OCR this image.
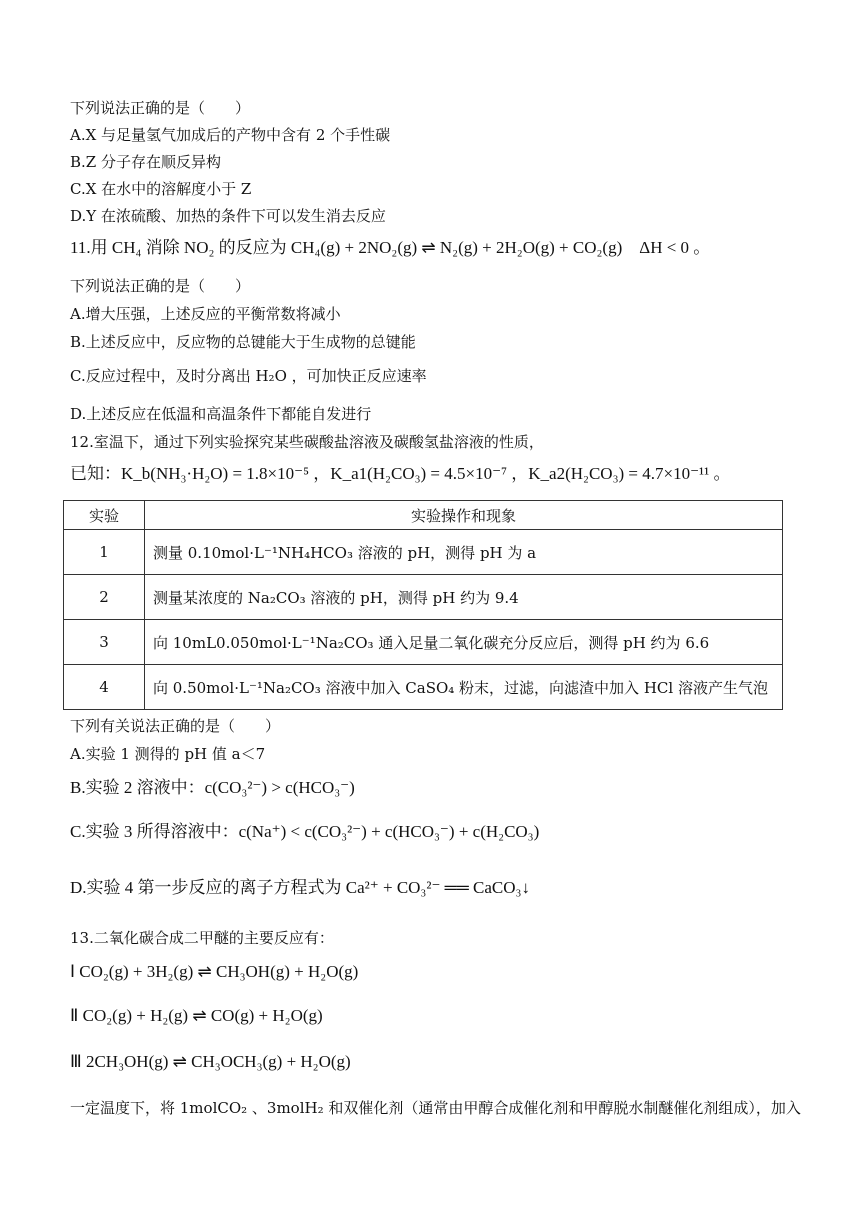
下列说法正确的是（　　）
A.X 与足量氢气加成后的产物中含有 2 个手性碳
B.Z 分子存在顺反异构
C.X 在水中的溶解度小于 Z
D.Y 在浓硫酸、加热的条件下可以发生消去反应
11.用 CH₄ 消除 NO₂ 的反应为 CH₄(g) + 2NO₂(g) ⇌ N₂(g) + 2H₂O(g) + CO₂(g)　ΔH < 0 。
下列说法正确的是（　　）
A.增大压强，上述反应的平衡常数将减小
B.上述反应中，反应物的总键能大于生成物的总键能
C.反应过程中，及时分离出 H₂O ，可加快正反应速率
D.上述反应在低温和高温条件下都能自发进行
12.室温下，通过下列实验探究某些碳酸盐溶液及碳酸氢盐溶液的性质，
已知：K_b(NH₃·H₂O) = 1.8×10⁻⁵ ，K_a1(H₂CO₃) = 4.5×10⁻⁷ ，K_a2(H₂CO₃) = 4.7×10⁻¹¹ 。
实验	实验操作和现象
1	测量 0.10mol·L⁻¹NH₄HCO₃ 溶液的 pH，测得 pH 为 a
2	测量某浓度的 Na₂CO₃ 溶液的 pH，测得 pH 约为 9.4
3	向 10mL0.050mol·L⁻¹Na₂CO₃ 通入足量二氧化碳充分反应后，测得 pH 约为 6.6
4	向 0.50mol·L⁻¹Na₂CO₃ 溶液中加入 CaSO₄ 粉末，过滤，向滤渣中加入 HCl 溶液产生气泡
下列有关说法正确的是（　　）
A.实验 1 测得的 pH 值 a＜7
B.实验 2 溶液中：c(CO₃²⁻) > c(HCO₃⁻)
C.实验 3 所得溶液中：c(Na⁺) < c(CO₃²⁻) + c(HCO₃⁻) + c(H₂CO₃)
D.实验 4 第一步反应的离子方程式为 Ca²⁺ + CO₃²⁻ ══ CaCO₃↓
13.二氧化碳合成二甲醚的主要反应有：
Ⅰ CO₂(g) + 3H₂(g) ⇌ CH₃OH(g) + H₂O(g)
Ⅱ CO₂(g) + H₂(g) ⇌ CO(g) + H₂O(g)
Ⅲ 2CH₃OH(g) ⇌ CH₃OCH₃(g) + H₂O(g)
一定温度下，将 1molCO₂ 、3molH₂ 和双催化剂（通常由甲醇合成催化剂和甲醇脱水制醚催化剂组成），加入
